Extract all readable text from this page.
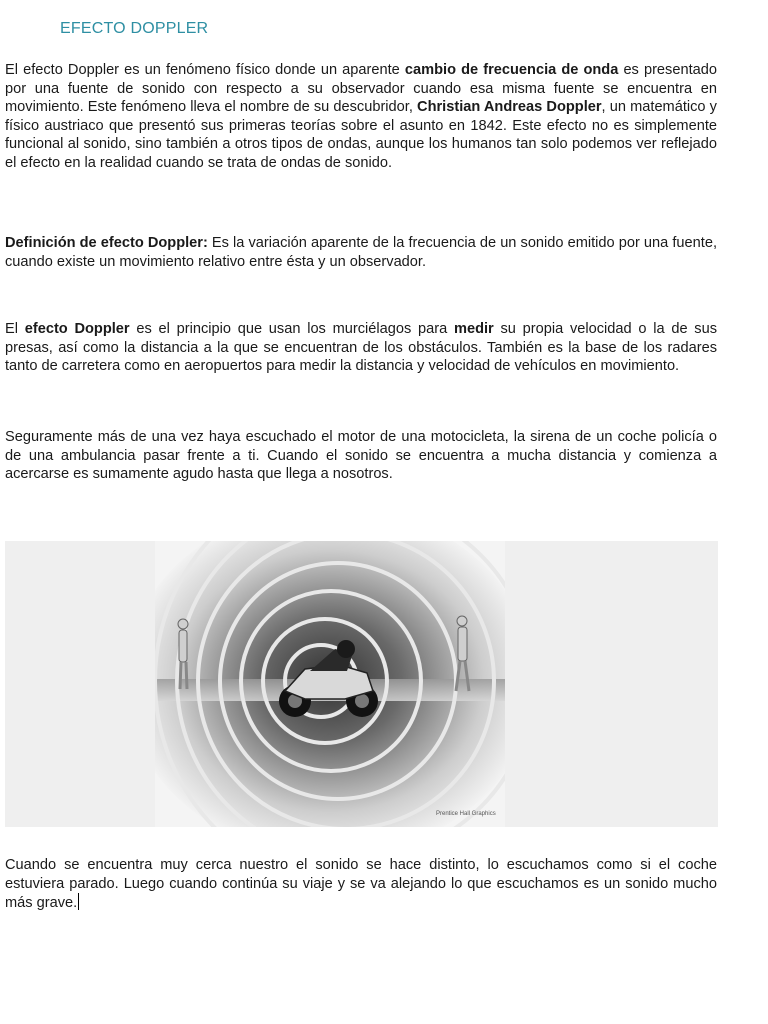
EFECTO DOPPLER

El efecto Doppler es un fenómeno físico donde un aparente cambio de frecuencia de onda es presentado por una fuente de sonido con respecto a su observador cuando esa misma fuente se encuentra en movimiento. Este fenómeno lleva el nombre de su descubridor, Christian Andreas Doppler, un matemático y físico austriaco que presentó sus primeras teorías sobre el asunto en 1842. Este efecto no es simplemente funcional al sonido, sino también a otros tipos de ondas, aunque los humanos tan solo podemos ver reflejado el efecto en la realidad cuando se trata de ondas de sonido.

Definición de efecto Doppler: Es la variación aparente de la frecuencia de un sonido emitido por una fuente, cuando existe un movimiento relativo entre ésta y un observador.

El efecto Doppler es el principio que usan los murciélagos para medir su propia velocidad o la de sus presas, así como la distancia a la que se encuentran de los obstáculos. También es la base de los radares tanto de carretera como en aeropuertos para medir la distancia y velocidad de vehículos en movimiento.

Seguramente más de una vez haya escuchado el motor de una motocicleta, la sirena de un coche policía o de una ambulancia pasar frente a ti. Cuando el sonido se encuentra a mucha distancia y comienza a acercarse es sumamente agudo hasta que llega a nosotros.

Prentice Hall Graphics

Cuando se encuentra muy cerca nuestro el sonido se hace distinto, lo escuchamos como si el coche estuviera parado. Luego cuando continúa su viaje y se va alejando lo que escuchamos es un sonido mucho más grave.
